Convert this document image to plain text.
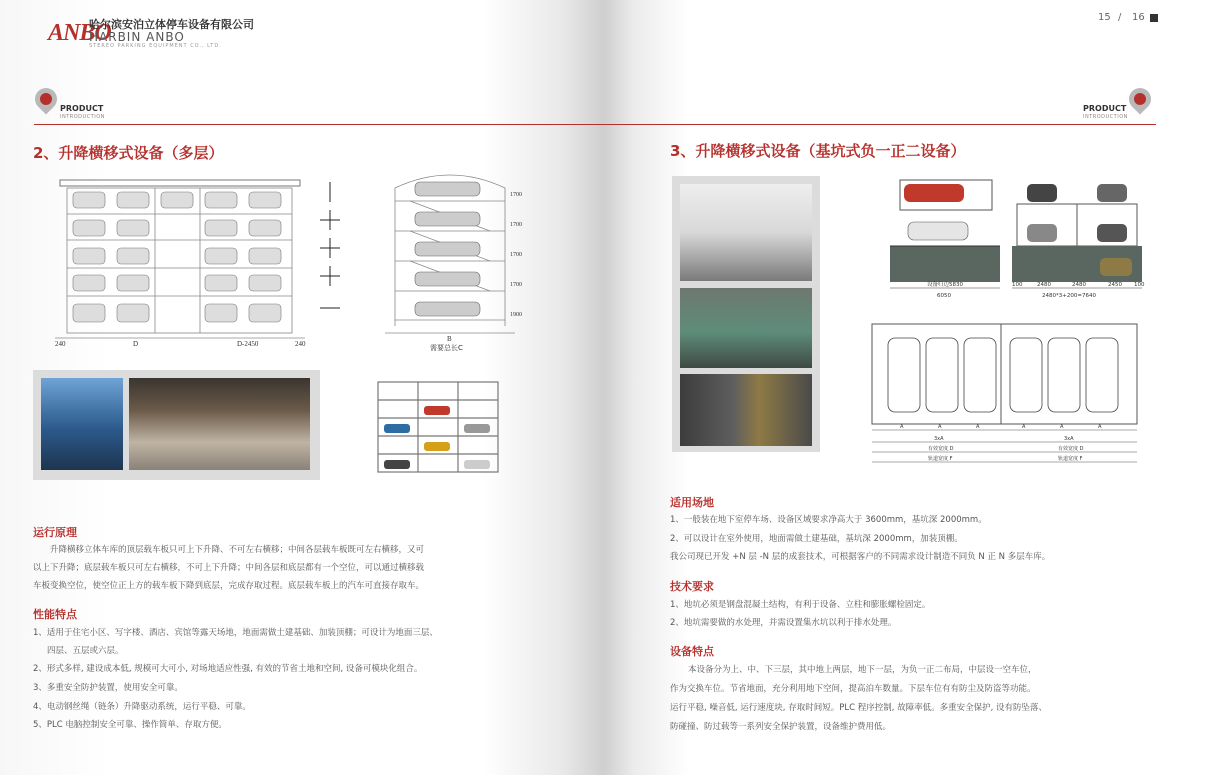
ANBO
哈尔滨安泊立体停车设备有限公司
HARBIN ANBO
STEREO PARKING EQUIPMENT CO., LTD.
PRODUCT
INTRODUCTION
2、升降横移式设备（多层）
240	D	D-2450	240
1700
1700
1700
1700
1900
B
需要总长C
运行原理
升降横移立体车库的顶层载车板只可上下升降、不可左右横移；中间各层载车板既可左右横移，又可
以上下升降；底层载车板只可左右横移，不可上下升降；中间各层和底层都有一个空位，可以通过横移载
车板变换空位，使空位正上方的载车板下降到底层，完成存取过程。底层载车板上的汽车可直接存取车。
性能特点
1、适用于住宅小区、写字楼、酒店、宾馆等露天场地，地面需做土建基础、加装顶棚；可设计为地面三层、
四层、五层或六层。
2、形式多样, 建设成本低, 规模可大可小, 对场地适应性强, 有效的节省土地和空间, 设备可模块化组合。
3、多重安全防护装置，使用安全可靠。
4、电动钢丝绳（链条）升降驱动系统，运行平稳、可靠。
5、PLC 电脑控制安全可靠、操作简单、存取方便。
15 / 16
PRODUCT
INTRODUCTION
3、升降横移式设备（基坑式负一正二设备）
设备归边5830
6050
100	2480	2480	2450 100
2480*3+200=7640
A	A	A	A	A	A
3xA	3xA
有效宽度 D	有效宽度 D
轨道宽度 F	轨道宽度 F
适用场地
1、一般装在地下室停车场、设备区域要求净高大于 3600mm，基坑深 2000mm。
2、可以设计在室外使用，地面需做土建基础，基坑深 2000mm，加装顶棚。
我公司现已开发 +N 层 -N 层的成套技术，可根据客户的不同需求设计制造不同负 N 正 N 多层车库。
技术要求
1、地坑必须是钢盘混凝土结构，有利于设备、立柱和膨胀螺栓固定。
2、地坑需要做的水处理，并需设置集水坑以利于排水处理。
设备特点
本设备分为上、中、下三层，其中地上两层，地下一层，为负一正二布局，中层设一空车位，
作为交换车位。节省地面，充分利用地下空间，提高泊车数量。下层车位有有防尘及防盗等功能。
运行平稳, 噪音低, 运行速度块, 存取时间短。PLC 程序控制, 故障率低。多重安全保护, 设有防坠落、
防碰撞、防过载等一系列安全保护装置，设备维护费用低。
